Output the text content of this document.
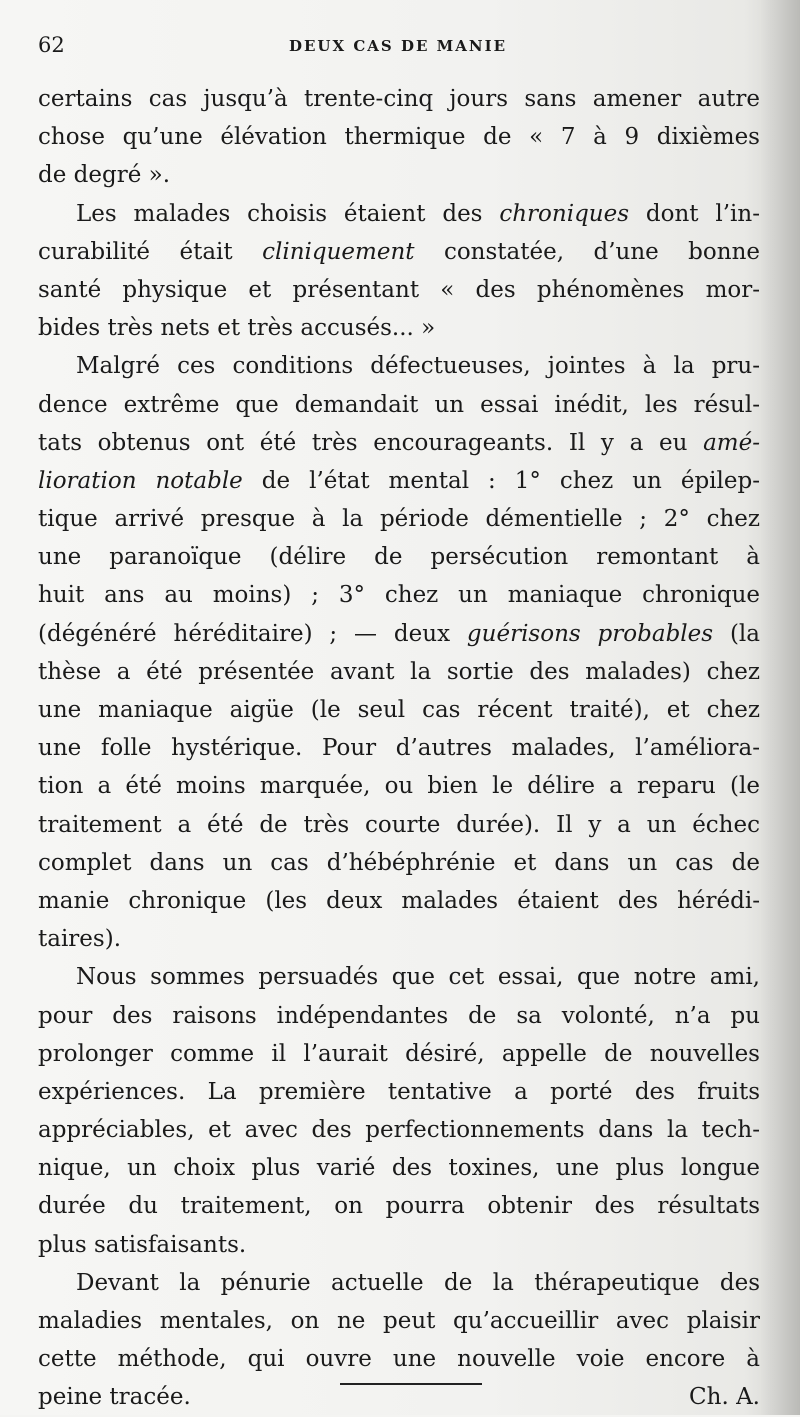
62	DEUX CAS DE MANIE

certains cas jusqu’à trente-cinq jours sans amener autre
chose qu’une élévation thermique de « 7 à 9 dixièmes
de degré ».

Les malades choisis étaient des chroniques dont l’in-
curabilité était cliniquement constatée, d’une bonne
santé physique et présentant « des phénomènes mor-
bides très nets et très accusés... »

Malgré ces conditions défectueuses, jointes à la pru-
dence extrême que demandait un essai inédit, les résul-
tats obtenus ont été très encourageants. Il y a eu amé-
lioration notable de l’état mental : 1° chez un épilep-
tique arrivé presque à la période démentielle ; 2° chez
une paranoïque (délire de persécution remontant à
huit ans au moins) ; 3° chez un maniaque chronique
(dégénéré héréditaire) ; — deux guérisons probables (la
thèse a été présentée avant la sortie des malades) chez
une maniaque aigüe (le seul cas récent traité), et chez
une folle hystérique. Pour d’autres malades, l’améliora-
tion a été moins marquée, ou bien le délire a reparu (le
traitement a été de très courte durée). Il y a un échec
complet dans un cas d’hébéphrénie et dans un cas de
manie chronique (les deux malades étaient des hérédi-
taires).

Nous sommes persuadés que cet essai, que notre ami,
pour des raisons indépendantes de sa volonté, n’a pu
prolonger comme il l’aurait désiré, appelle de nouvelles
expériences. La première tentative a porté des fruits
appréciables, et avec des perfectionnements dans la tech-
nique, un choix plus varié des toxines, une plus longue
durée du traitement, on pourra obtenir des résultats
plus satisfaisants.

Devant la pénurie actuelle de la thérapeutique des
maladies mentales, on ne peut qu’accueillir avec plaisir
cette méthode, qui ouvre une nouvelle voie encore à
peine tracée.	Ch. A.
